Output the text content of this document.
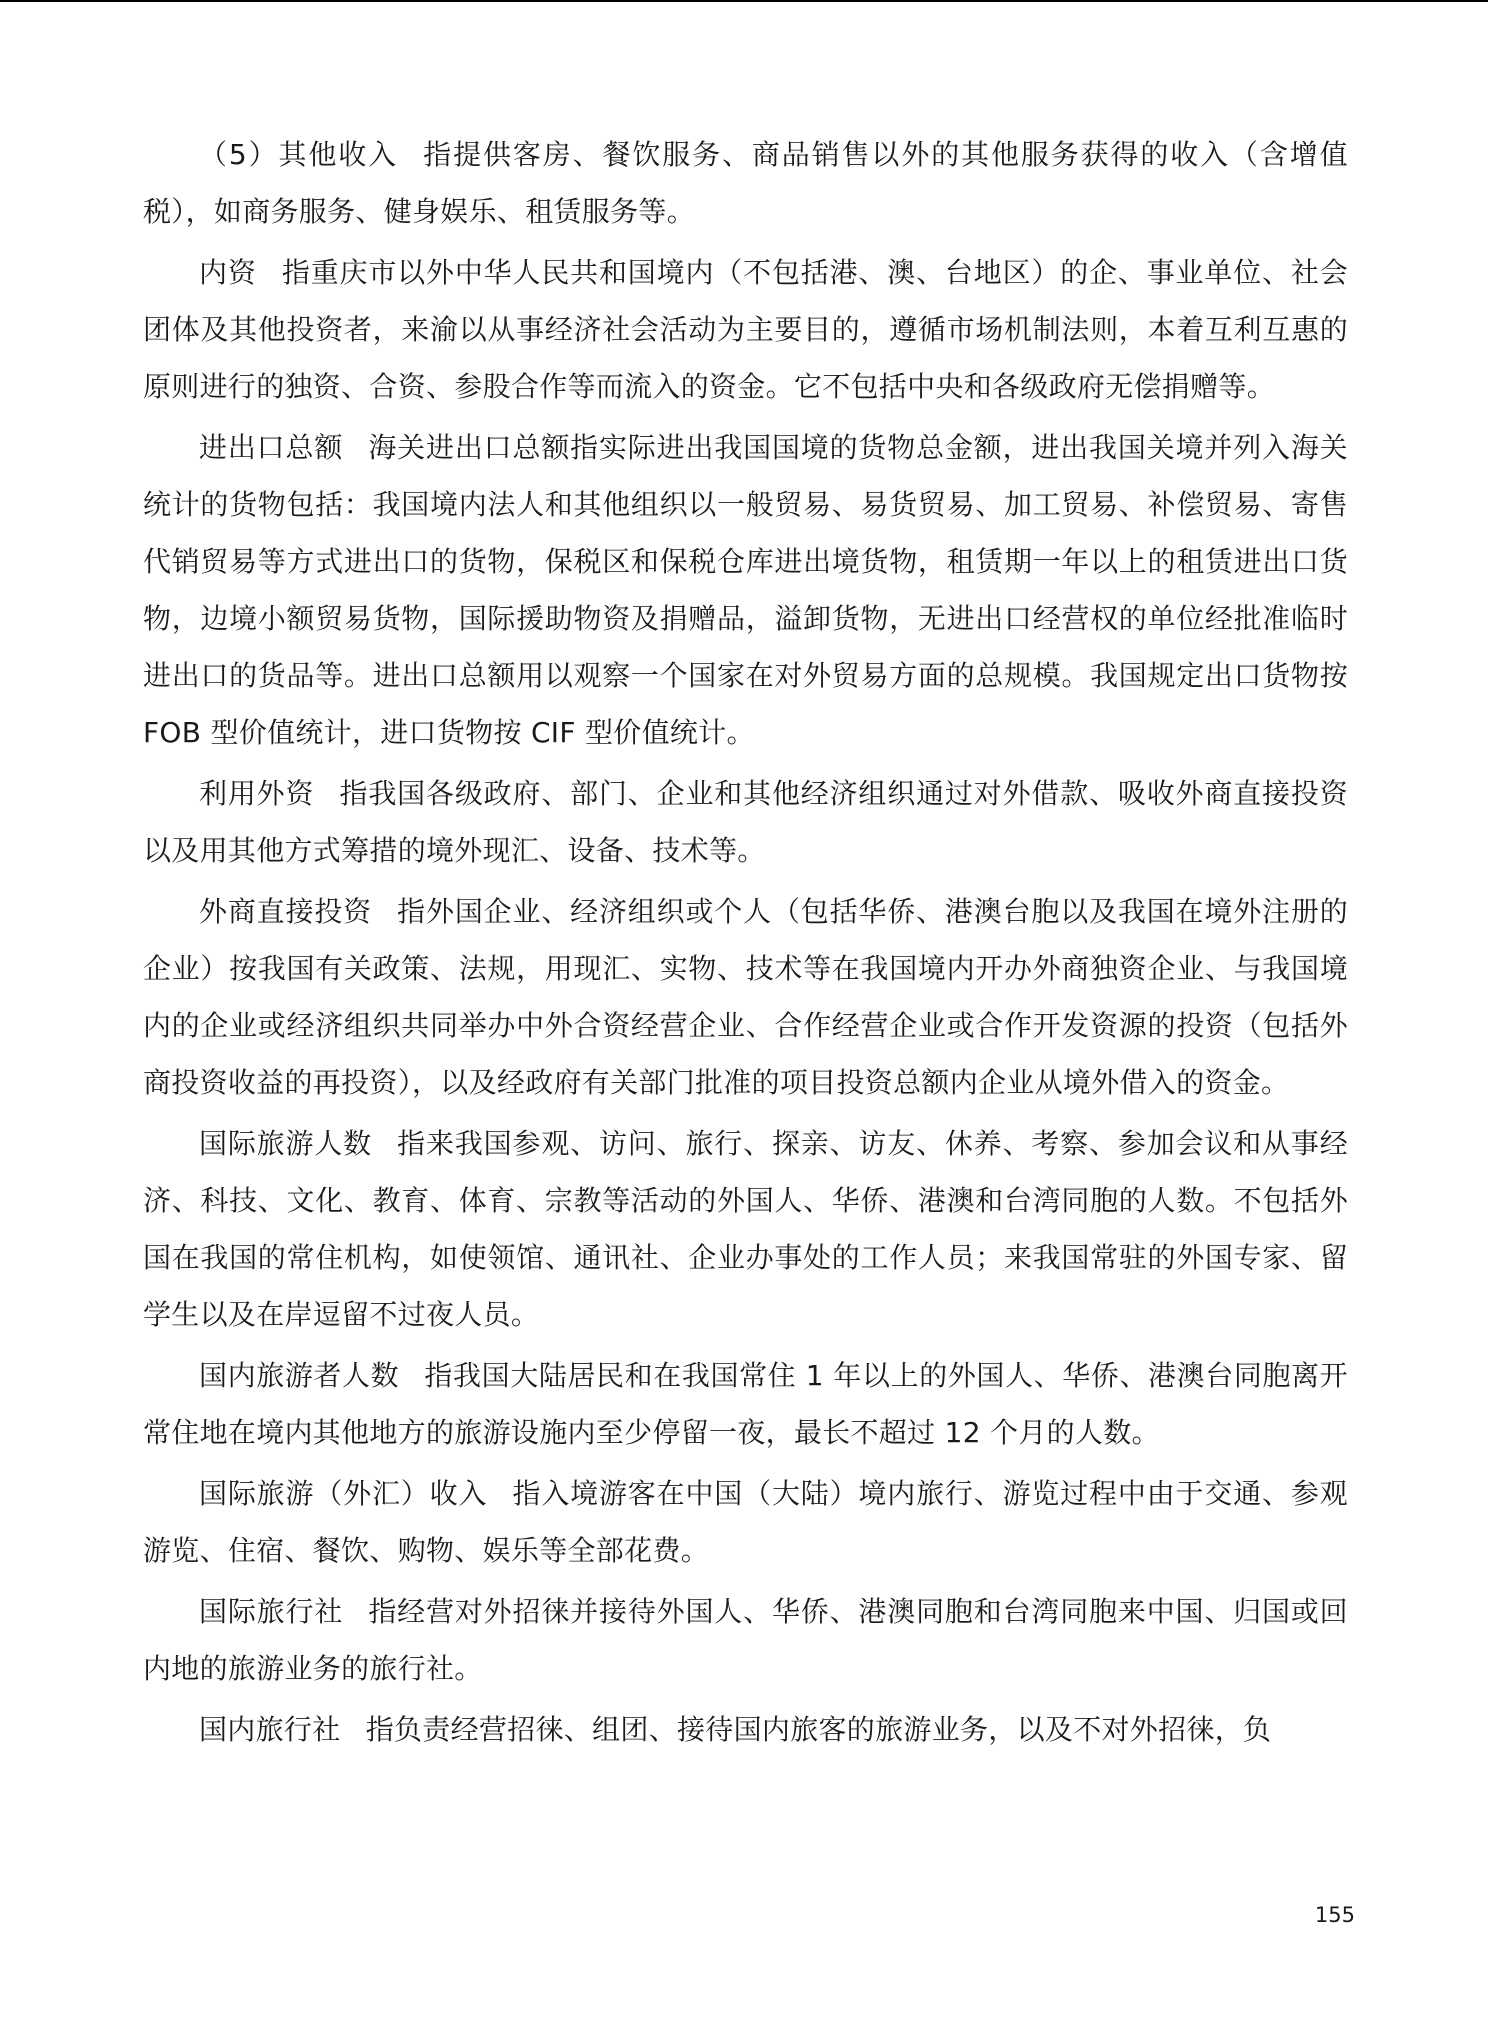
（5）其他收入 指提供客房、餐饮服务、商品销售以外的其他服务获得的收入（含增值税），如商务服务、健身娱乐、租赁服务等。

内资 指重庆市以外中华人民共和国境内（不包括港、澳、台地区）的企、事业单位、社会团体及其他投资者，来渝以从事经济社会活动为主要目的，遵循市场机制法则，本着互利互惠的原则进行的独资、合资、参股合作等而流入的资金。它不包括中央和各级政府无偿捐赠等。

进出口总额 海关进出口总额指实际进出我国国境的货物总金额，进出我国关境并列入海关统计的货物包括：我国境内法人和其他组织以一般贸易、易货贸易、加工贸易、补偿贸易、寄售代销贸易等方式进出口的货物，保税区和保税仓库进出境货物，租赁期一年以上的租赁进出口货物，边境小额贸易货物，国际援助物资及捐赠品，溢卸货物，无进出口经营权的单位经批准临时进出口的货品等。进出口总额用以观察一个国家在对外贸易方面的总规模。我国规定出口货物按 FOB 型价值统计，进口货物按 CIF 型价值统计。

利用外资 指我国各级政府、部门、企业和其他经济组织通过对外借款、吸收外商直接投资以及用其他方式筹措的境外现汇、设备、技术等。

外商直接投资 指外国企业、经济组织或个人（包括华侨、港澳台胞以及我国在境外注册的企业）按我国有关政策、法规，用现汇、实物、技术等在我国境内开办外商独资企业、与我国境内的企业或经济组织共同举办中外合资经营企业、合作经营企业或合作开发资源的投资（包括外商投资收益的再投资），以及经政府有关部门批准的项目投资总额内企业从境外借入的资金。

国际旅游人数 指来我国参观、访问、旅行、探亲、访友、休养、考察、参加会议和从事经济、科技、文化、教育、体育、宗教等活动的外国人、华侨、港澳和台湾同胞的人数。不包括外国在我国的常住机构，如使领馆、通讯社、企业办事处的工作人员；来我国常驻的外国专家、留学生以及在岸逗留不过夜人员。

国内旅游者人数 指我国大陆居民和在我国常住 1 年以上的外国人、华侨、港澳台同胞离开常住地在境内其他地方的旅游设施内至少停留一夜，最长不超过 12 个月的人数。

国际旅游（外汇）收入 指入境游客在中国（大陆）境内旅行、游览过程中由于交通、参观游览、住宿、餐饮、购物、娱乐等全部花费。

国际旅行社 指经营对外招徕并接待外国人、华侨、港澳同胞和台湾同胞来中国、归国或回内地的旅游业务的旅行社。

国内旅行社 指负责经营招徕、组团、接待国内旅客的旅游业务，以及不对外招徕，负

155
